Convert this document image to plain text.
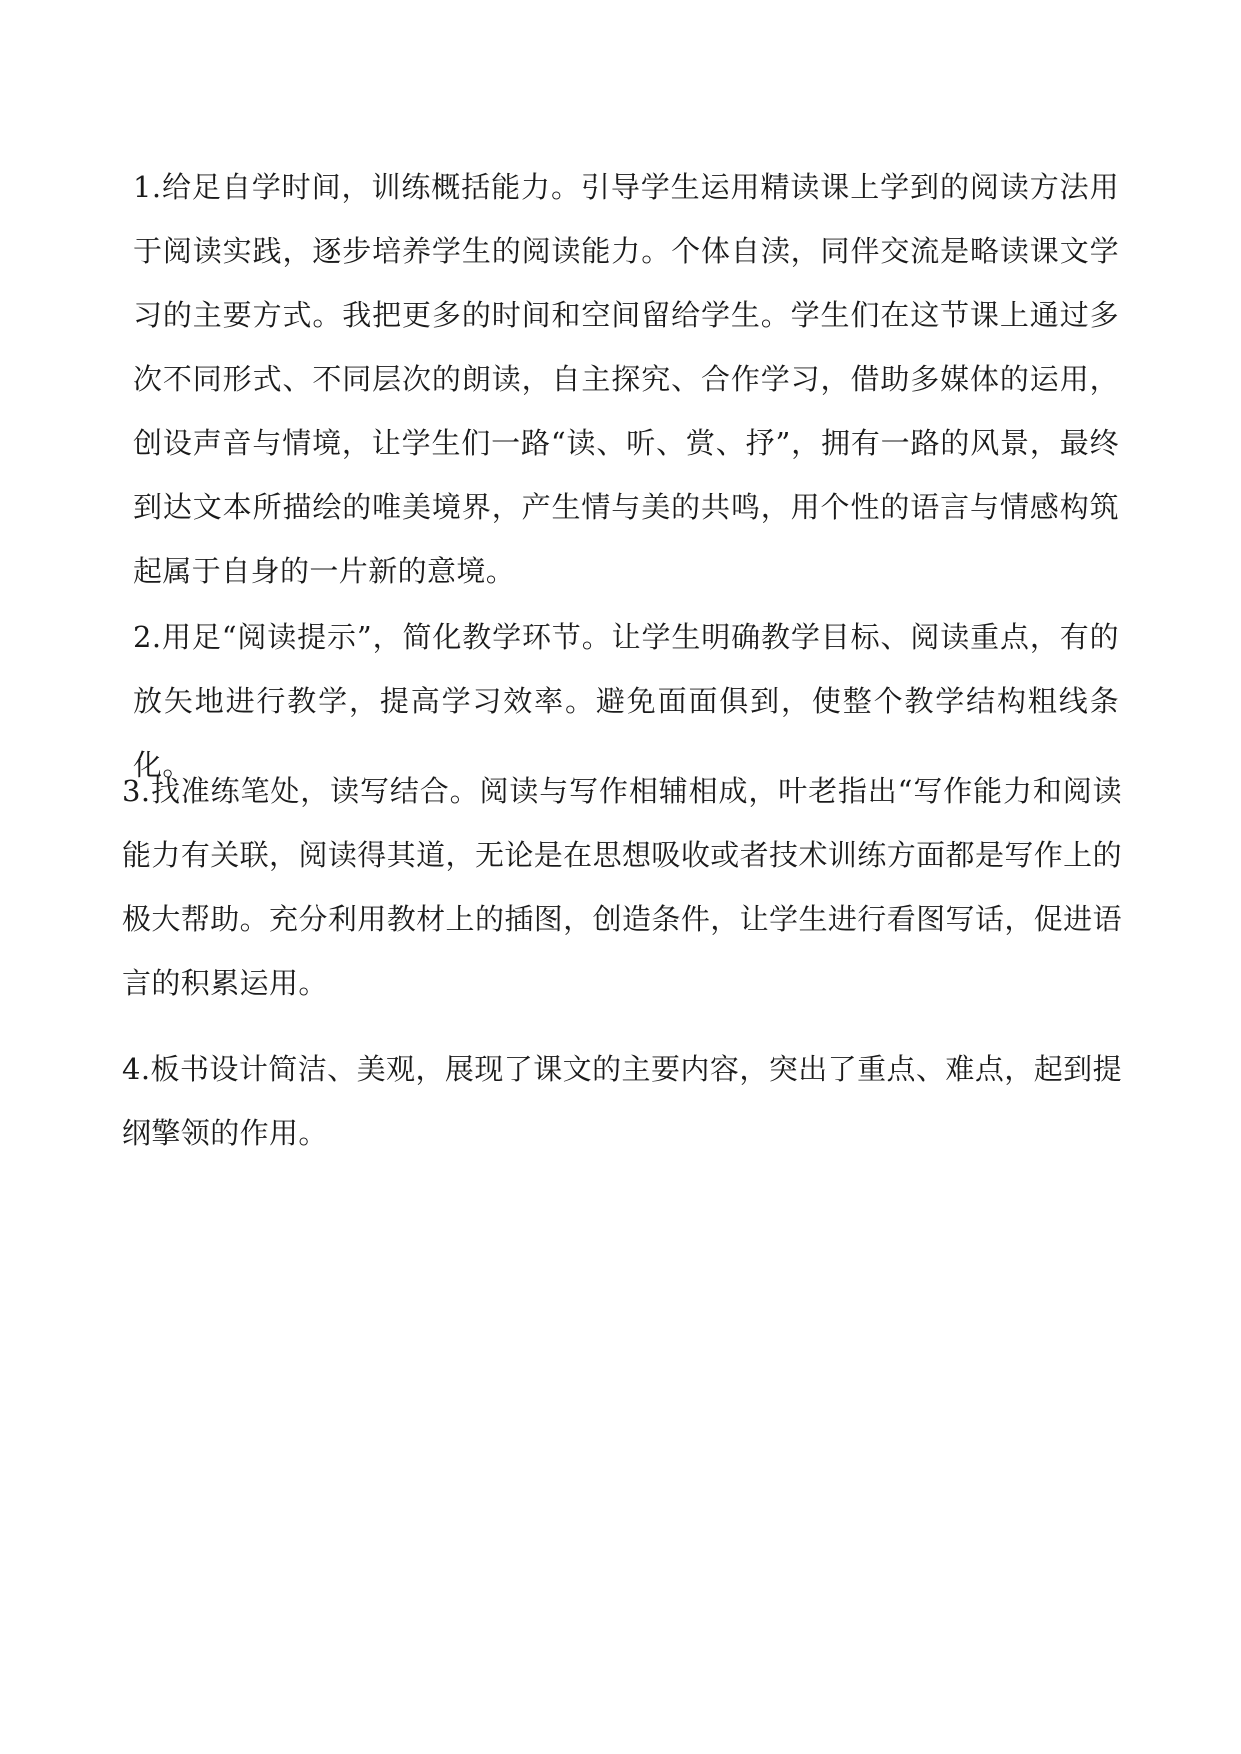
1.给足自学时间，训练概括能力。引导学生运用精读课上学到的阅读方法用于阅读实践，逐步培养学生的阅读能力。个体自渎，同伴交流是略读课文学习的主要方式。我把更多的时间和空间留给学生。学生们在这节课上通过多次不同形式、不同层次的朗读，自主探究、合作学习，借助多媒体的运用，创设声音与情境，让学生们一路“读、听、赏、抒”，拥有一路的风景，最终到达文本所描绘的唯美境界，产生情与美的共鸣，用个性的语言与情感构筑起属于自身的一片新的意境。

2.用足“阅读提示”，简化教学环节。让学生明确教学目标、阅读重点，有的放矢地进行教学，提高学习效率。避免面面俱到，使整个教学结构粗线条化。

3.找准练笔处，读写结合。阅读与写作相辅相成，叶老指出“写作能力和阅读能力有关联，阅读得其道，无论是在思想吸收或者技术训练方面都是写作上的极大帮助。充分利用教材上的插图，创造条件，让学生进行看图写话，促进语言的积累运用。

4.板书设计简洁、美观，展现了课文的主要内容，突出了重点、难点，起到提纲擎领的作用。
